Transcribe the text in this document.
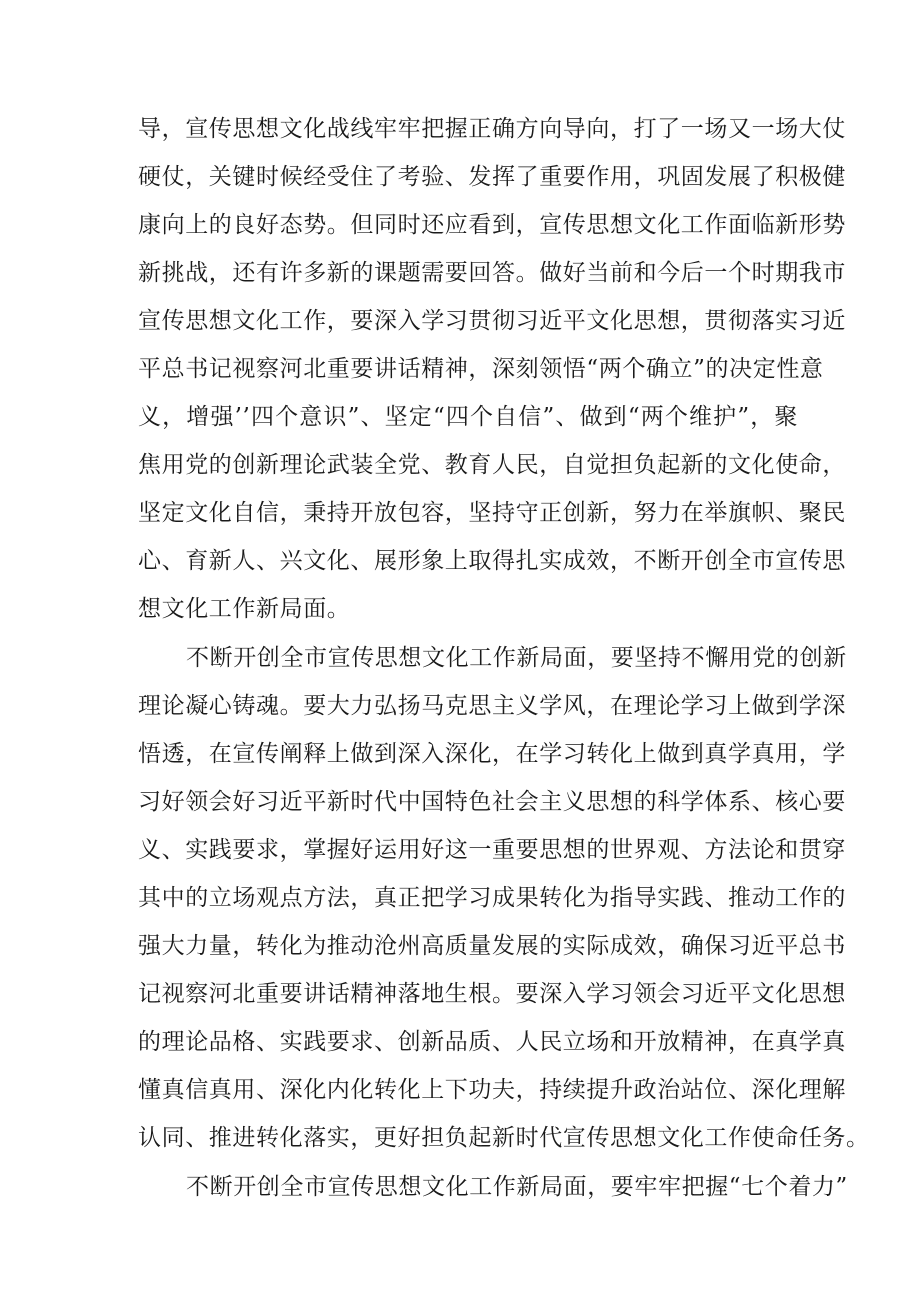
导，宣传思想文化战线牢牢把握正确方向导向，打了一场又一场大仗
硬仗，关键时候经受住了考验、发挥了重要作用，巩固发展了积极健
康向上的良好态势。但同时还应看到，宣传思想文化工作面临新形势
新挑战，还有许多新的课题需要回答。做好当前和今后一个时期我市
宣传思想文化工作，要深入学习贯彻习近平文化思想，贯彻落实习近
平总书记视察河北重要讲话精神，深刻领悟“两个确立”的决定性意
义，增强’’四个意识”、坚定“四个自信”、做到“两个维护”，聚
焦用党的创新理论武装全党、教育人民，自觉担负起新的文化使命，
坚定文化自信，秉持开放包容，坚持守正创新，努力在举旗帜、聚民
心、育新人、兴文化、展形象上取得扎实成效，不断开创全市宣传思
想文化工作新局面。
不断开创全市宣传思想文化工作新局面，要坚持不懈用党的创新
理论凝心铸魂。要大力弘扬马克思主义学风，在理论学习上做到学深
悟透，在宣传阐释上做到深入深化，在学习转化上做到真学真用，学
习好领会好习近平新时代中国特色社会主义思想的科学体系、核心要
义、实践要求，掌握好运用好这一重要思想的世界观、方法论和贯穿
其中的立场观点方法，真正把学习成果转化为指导实践、推动工作的
强大力量，转化为推动沧州高质量发展的实际成效，确保习近平总书
记视察河北重要讲话精神落地生根。要深入学习领会习近平文化思想
的理论品格、实践要求、创新品质、人民立场和开放精神，在真学真
懂真信真用、深化内化转化上下功夫，持续提升政治站位、深化理解
认同、推进转化落实，更好担负起新时代宣传思想文化工作使命任务。
不断开创全市宣传思想文化工作新局面，要牢牢把握“七个着力”
